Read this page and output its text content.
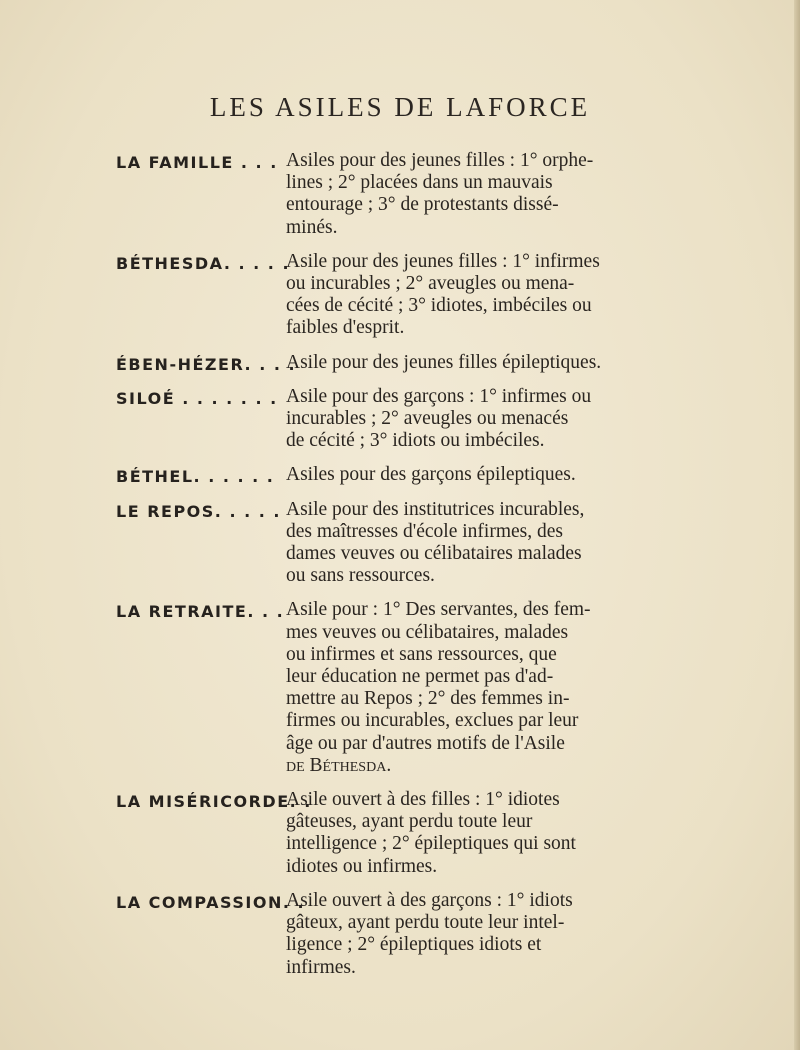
LES ASILES DE LAFORCE
LA FAMILLE . . . Asiles pour des jeunes filles : 1° orphe-
lines ; 2° placées dans un mauvais
entourage ; 3° de protestants dissé-
minés.
BÉTHESDA. . . . .
Asile pour des jeunes filles : 1° infirmes
ou incurables ; 2° aveugles ou mena-
cées de cécité ; 3° idiotes, imbéciles ou
faibles d'esprit.
ÉBEN-HÉZER. . . .
Asile pour des jeunes filles épileptiques.
SILOÉ . . . . . . . Asile pour des garçons : 1° infirmes ou
incurables ; 2° aveugles ou menacés
de cécité ; 3° idiots ou imbéciles.
BÉTHEL. . . . . . Asiles pour des garçons épileptiques.
LE REPOS. . . . . Asile pour des institutrices incurables,
des maîtresses d'école infirmes, des
dames veuves ou célibataires malades
ou sans ressources.
LA RETRAITE. . . Asile pour : 1° Des servantes, des fem-
mes veuves ou célibataires, malades
ou infirmes et sans ressources, que
leur éducation ne permet pas d'ad-
mettre au Repos ; 2° des femmes in-
firmes ou incurables, exclues par leur
âge ou par d'autres motifs de l'Asile
de Béthesda.
LA MISÉRICORDE. .
Asile ouvert à des filles : 1° idiotes
gâteuses, ayant perdu toute leur
intelligence ; 2° épileptiques qui sont
idiotes ou infirmes.
LA COMPASSION. .
Asile ouvert à des garçons : 1° idiots
gâteux, ayant perdu toute leur intel-
ligence ; 2° épileptiques idiots et
infirmes.
